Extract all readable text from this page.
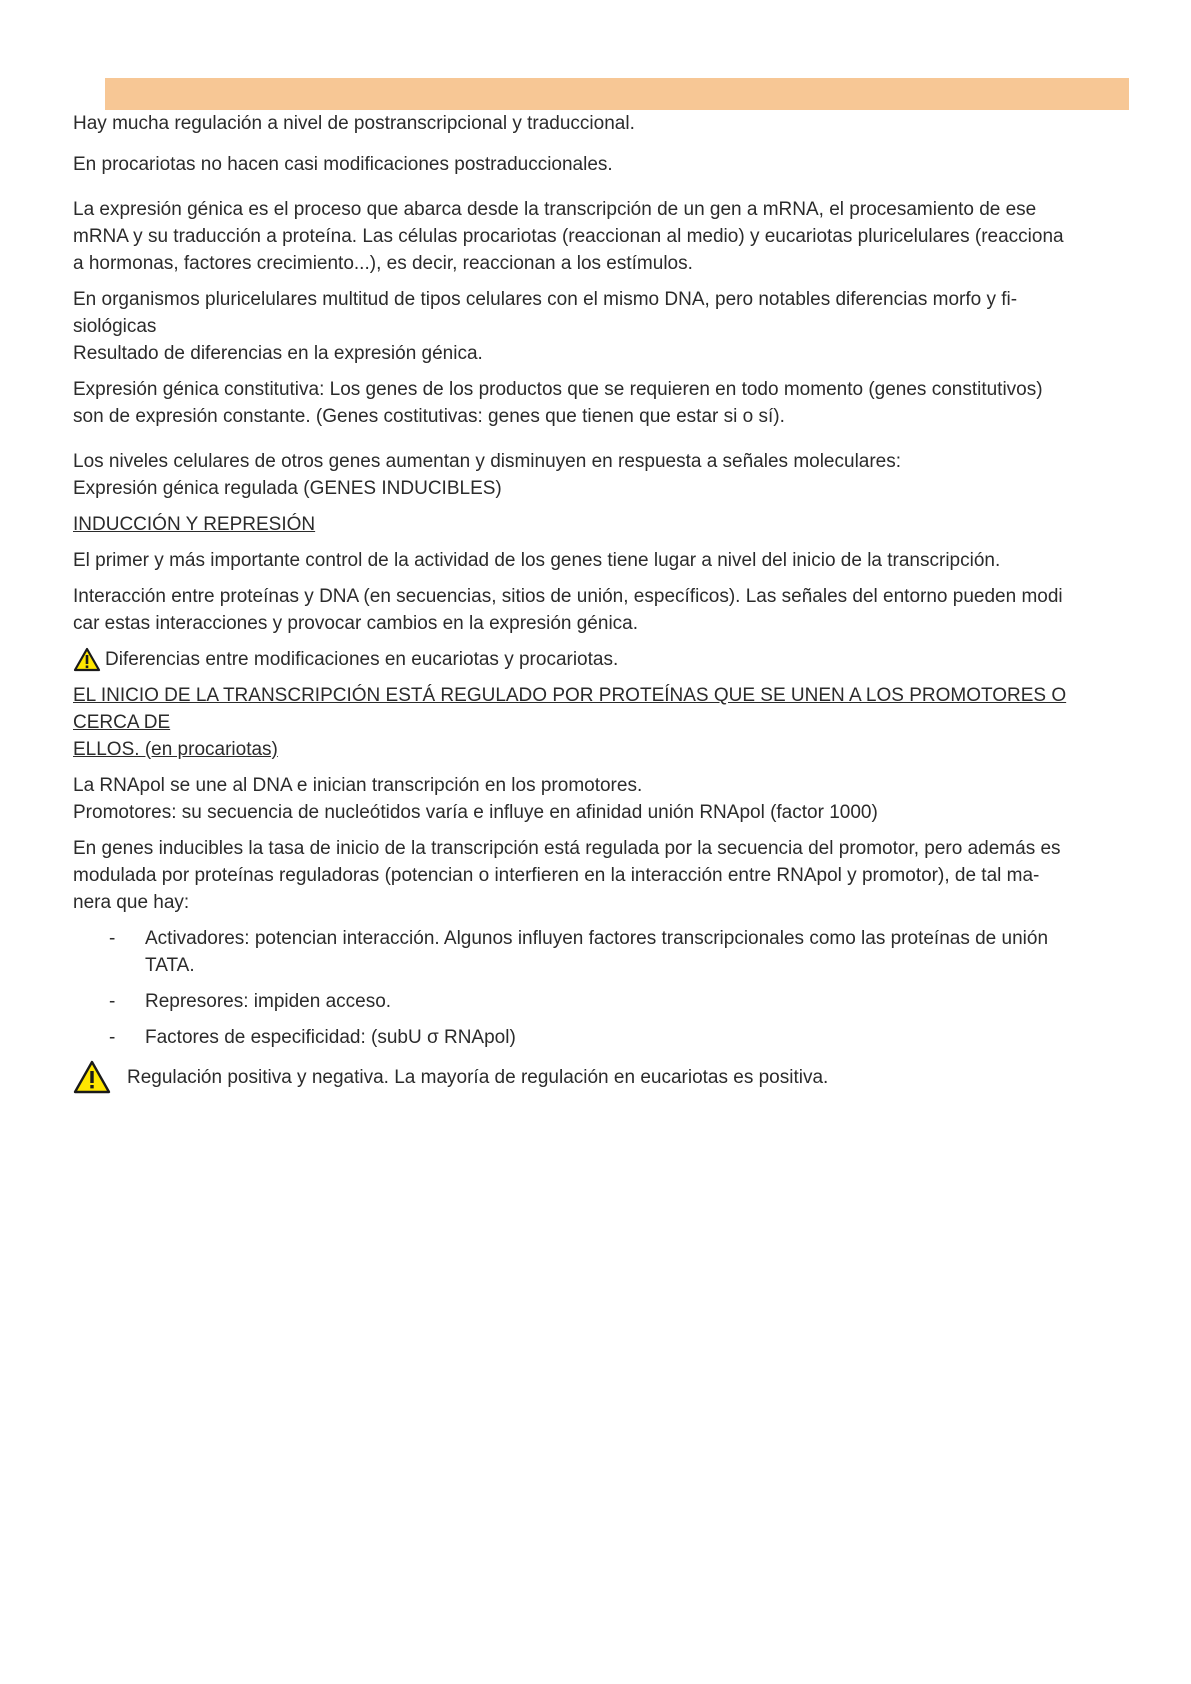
Hay mucha regulación a nivel de postranscripcional y traduccional.

En procariotas no hacen casi modificaciones postraduccionales.

La expresión génica es el proceso que abarca desde la transcripción de un gen a mRNA, el procesamiento de ese

mRNA y su traducción a proteína. Las células procariotas (reaccionan al medio) y eucariotas pluricelulares (reacciona

a hormonas, factores crecimiento...), es decir, reaccionan a los estímulos.

En organismos pluricelulares multitud de tipos celulares con el mismo DNA, pero notables diferencias morfo y fi-

siológicas

Resultado de diferencias en la expresión génica.

Expresión génica constitutiva: Los genes de los productos que se requieren en todo momento (genes constitutivos)

son de expresión constante. (Genes costitutivas: genes que tienen que estar si o sí).

Los niveles celulares de otros genes aumentan y disminuyen en respuesta a señales moleculares:

Expresión génica regulada (GENES INDUCIBLES)

INDUCCIÓN Y REPRESIÓN

El primer y más importante control de la actividad de los genes tiene lugar a nivel del inicio de la transcripción.

Interacción entre proteínas y DNA (en secuencias, sitios de unión, específicos). Las señales del entorno pueden modi

car estas interacciones y provocar cambios en la expresión génica.

Diferencias entre modificaciones en eucariotas y procariotas.

EL INICIO DE LA TRANSCRIPCIÓN ESTÁ REGULADO POR PROTEÍNAS QUE SE UNEN A LOS PROMOTORES O CERCA DE

ELLOS. (en procariotas)

La RNApol se une al DNA e inician transcripción en los promotores.

Promotores: su secuencia de nucleótidos varía e influye en afinidad unión RNApol (factor 1000)

En genes inducibles la tasa de inicio de la transcripción está regulada por la secuencia del promotor, pero además es

modulada por proteínas reguladoras (potencian o interfieren en la interacción entre RNApol y promotor), de tal ma-

nera que hay:

- Activadores: potencian interacción. Algunos influyen factores transcripcionales como las proteínas de unión
TATA.
- Represores: impiden acceso.
- Factores de especificidad: (subU σ RNApol)
Regulación positiva y negativa. La mayoría de regulación en eucariotas es positiva.
